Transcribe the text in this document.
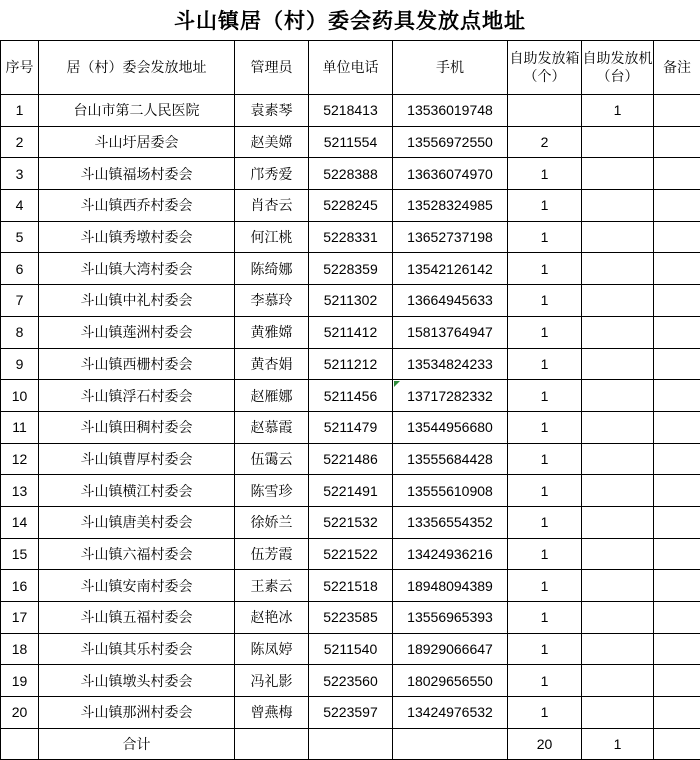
斗山镇居（村）委会药具发放点地址
序号	居（村）委会发放地址	管理员	单位电话	手机	自助发放箱（个）	自助发放机（台）	备注
1	台山市第二人民医院	袁素琴	5218413	13536019748		1	
2	斗山圩居委会	赵美嫦	5211554	13556972550	2		
3	斗山镇福场村委会	邝秀爱	5228388	13636074970	1		
4	斗山镇西乔村委会	肖杏云	5228245	13528324985	1		
5	斗山镇秀墩村委会	何江桃	5228331	13652737198	1		
6	斗山镇大湾村委会	陈绮娜	5228359	13542126142	1		
7	斗山镇中礼村委会	李慕玲	5211302	13664945633	1		
8	斗山镇莲洲村委会	黄雅嫦	5211412	15813764947	1		
9	斗山镇西栅村委会	黄杏娟	5211212	13534824233	1		
10	斗山镇浮石村委会	赵雁娜	5211456	13717282332	1		
11	斗山镇田稠村委会	赵慕霞	5211479	13544956680	1		
12	斗山镇曹厚村委会	伍霭云	5221486	13555684428	1		
13	斗山镇横江村委会	陈雪珍	5221491	13555610908	1		
14	斗山镇唐美村委会	徐娇兰	5221532	13356554352	1		
15	斗山镇六福村委会	伍芳霞	5221522	13424936216	1		
16	斗山镇安南村委会	王素云	5221518	18948094389	1		
17	斗山镇五福村委会	赵艳冰	5223585	13556965393	1		
18	斗山镇其乐村委会	陈凤婷	5211540	18929066647	1		
19	斗山镇墩头村委会	冯礼影	5223560	18029656550	1		
20	斗山镇那洲村委会	曾燕梅	5223597	13424976532	1		
	合计				20	1	
